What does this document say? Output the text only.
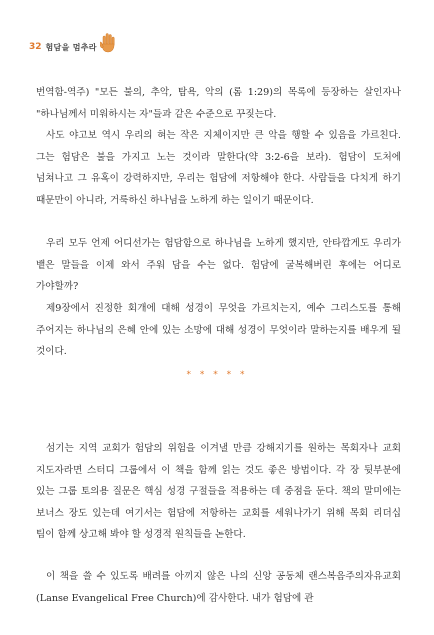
32 험담을 멈추라

번역함-역주) "모든 불의, 추악, 탐욕, 악의 (롬 1:29)의 목록에 등장하는 살인자나 "하나님께서 미워하시는 자"들과 같은 수준으로 꾸짖는다.

사도 야고보 역시 우리의 혀는 작은 지체이지만 큰 악을 행할 수 있음을 가르친다. 그는 험담은 불을 가지고 노는 것이라 말한다(약 3:2-6을 보라). 험담이 도처에 넘쳐나고 그 유혹이 강력하지만, 우리는 험담에 저항해야 한다. 사람들을 다치게 하기 때문만이 아니라, 거룩하신 하나님을 노하게 하는 일이기 때문이다.

우리 모두 언제 어디선가는 험담함으로 하나님을 노하게 했지만, 안타깝게도 우리가 뱉은 말들을 이제 와서 주워 담을 수는 없다. 험담에 굴복해버린 후에는 어디로 가야할까?

제9장에서 진정한 회개에 대해 성경이 무엇을 가르치는지, 예수 그리스도를 통해 주어지는 하나님의 은혜 안에 있는 소망에 대해 성경이 무엇이라 말하는지를 배우게 될 것이다.

* * * * *

섬기는 지역 교회가 험담의 위험을 이겨낼 만큼 강해지기를 원하는 목회자나 교회 지도자라면 스터디 그룹에서 이 책을 함께 읽는 것도 좋은 방법이다. 각 장 뒷부분에 있는 그룹 토의용 질문은 핵심 성경 구절들을 적용하는 데 중점을 둔다. 책의 말미에는 보너스 장도 있는데 여기서는 험담에 저항하는 교회를 세워나가기 위해 목회 리더십 팀이 함께 상고해 봐야 할 성경적 원칙들을 논한다.

이 책을 쓸 수 있도록 배려를 아끼지 않은 나의 신앙 공동체 랜스복음주의자유교회(Lanse Evangelical Free Church)에 감사한다. 내가 험담에 관
